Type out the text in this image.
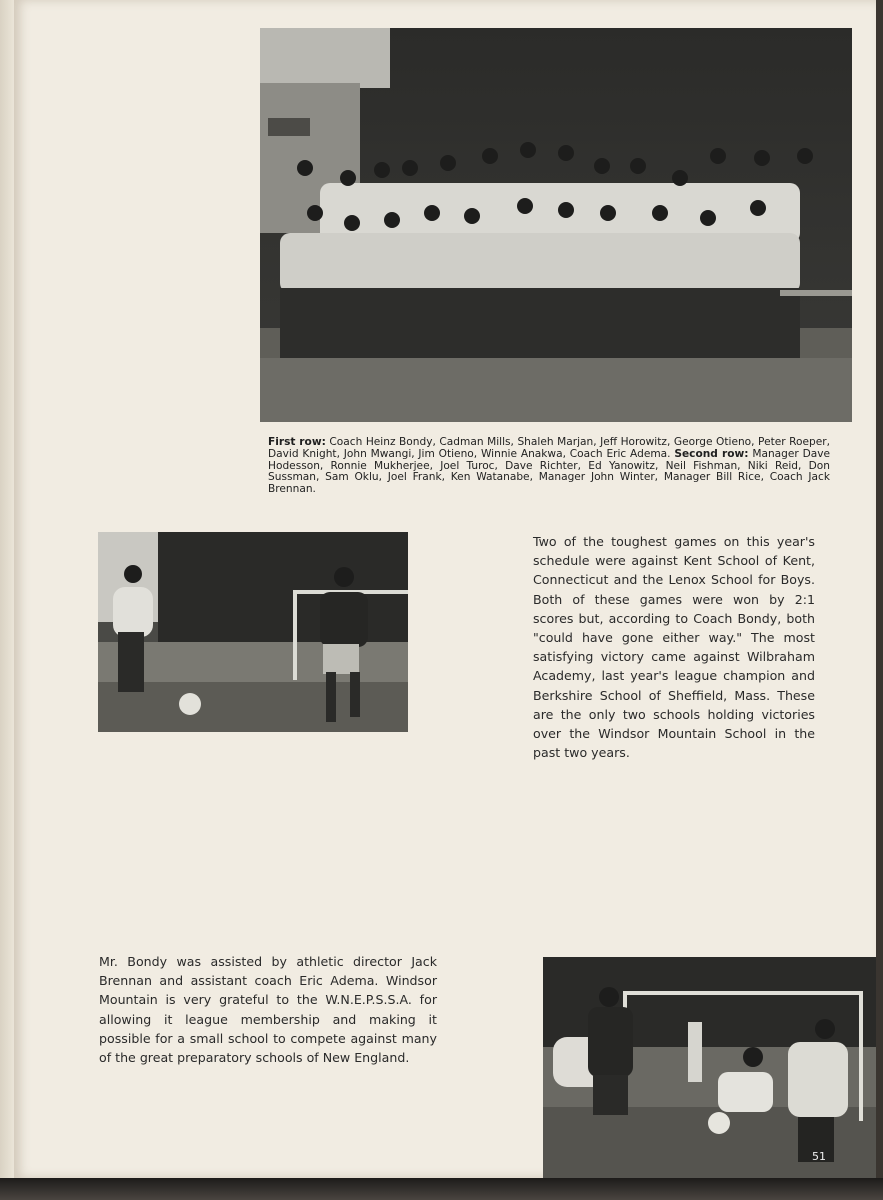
First row: Coach Heinz Bondy, Cadman Mills, Shaleh Marjan, Jeff Horowitz, George Otieno, Peter Roeper, David Knight, John Mwangi, Jim Otieno, Winnie Anakwa, Coach Eric Adema. Second row: Manager Dave Hodesson, Ronnie Mukherjee, Joel Turoc, Dave Richter, Ed Yanowitz, Neil Fishman, Niki Reid, Don Sussman, Sam Oklu, Joel Frank, Ken Watanabe, Manager John Winter, Manager Bill Rice, Coach Jack Brennan.
Two of the toughest games on this year's schedule were against Kent School of Kent, Connecticut and the Lenox School for Boys. Both of these games were won by 2:1 scores but, according to Coach Bondy, both "could have gone either way." The most satisfying victory came against Wilbraham Academy, last year's league champion and Berkshire School of Sheffield, Mass. These are the only two schools holding victories over the Windsor Mountain School in the past two years.
Mr. Bondy was assisted by athletic director Jack Brennan and assistant coach Eric Adema. Windsor Mountain is very grateful to the W.N.E.P.S.S.A. for allowing it league membership and making it possible for a small school to compete against many of the great preparatory schools of New England.
51
